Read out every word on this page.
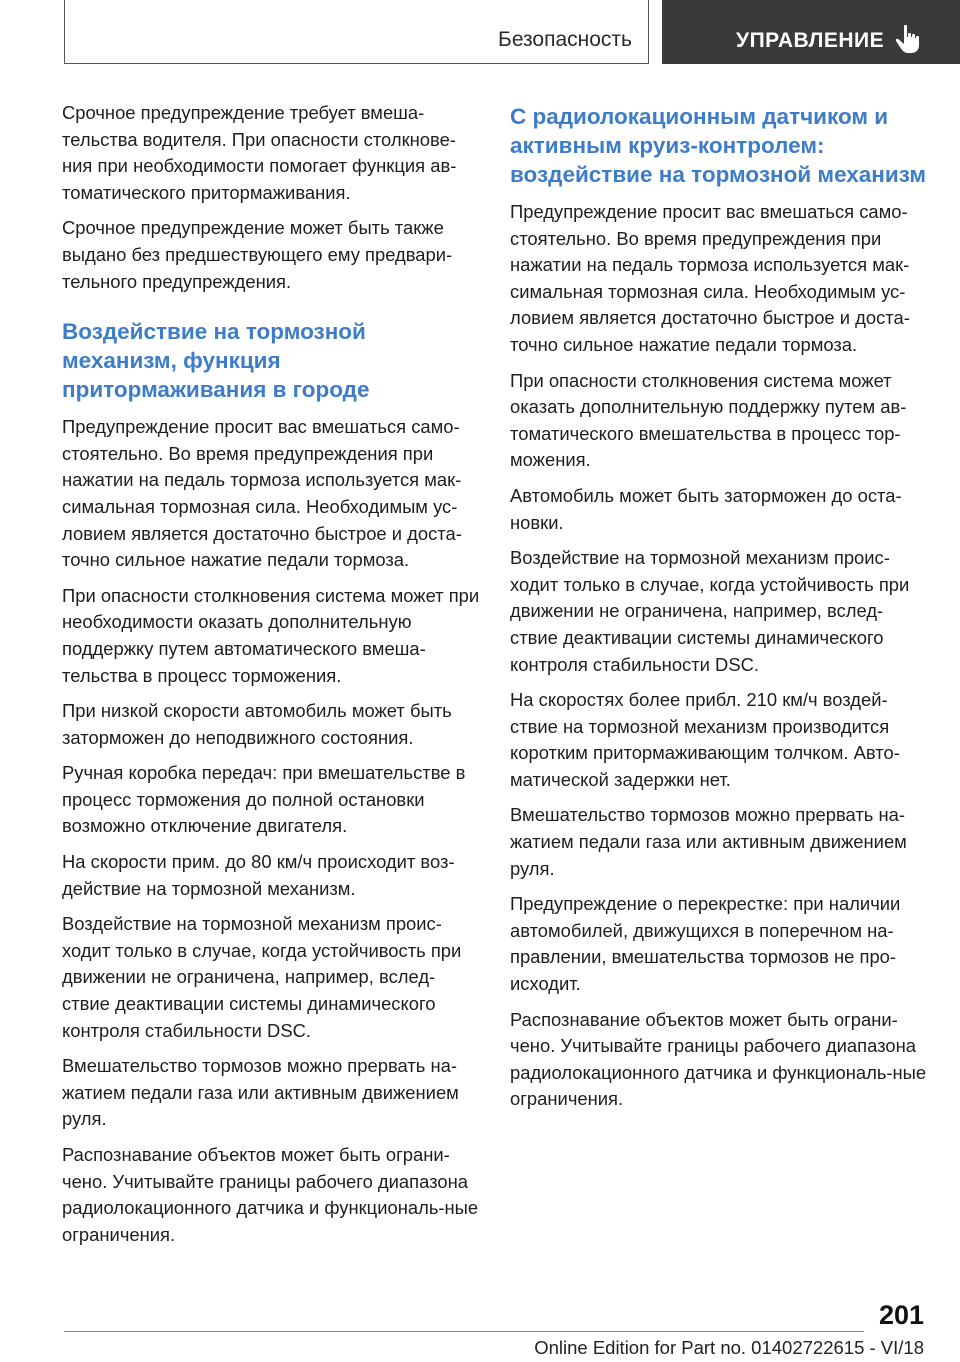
Безопасность	УПРАВЛЕНИЕ

Срочное предупреждение требует вмеша-тельства водителя. При опасности столкнове-ния при необходимости помогает функция ав-томатического притормаживания.

Срочное предупреждение может быть также выдано без предшествующего ему предвари-тельного предупреждения.

Воздействие на тормозной механизм, функция притормаживания в городе

Предупреждение просит вас вмешаться само-стоятельно. Во время предупреждения при нажатии на педаль тормоза используется мак-симальная тормозная сила. Необходимым ус-ловием является достаточно быстрое и доста-точно сильное нажатие педали тормоза.

При опасности столкновения система может при необходимости оказать дополнительную поддержку путем автоматического вмеша-тельства в процесс торможения.

При низкой скорости автомобиль может быть заторможен до неподвижного состояния.

Ручная коробка передач: при вмешательстве в процесс торможения до полной остановки возможно отключение двигателя.

На скорости прим. до 80 км/ч происходит воз-действие на тормозной механизм.

Воздействие на тормозной механизм проис-ходит только в случае, когда устойчивость при движении не ограничена, например, вслед-ствие деактивации системы динамического контроля стабильности DSC.

Вмешательство тормозов можно прервать на-жатием педали газа или активным движением руля.

Распознавание объектов может быть ограни-чено. Учитывайте границы рабочего диапазона радиолокационного датчика и функциональ-ные ограничения.

С радиолокационным датчиком и активным круиз-контролем: воздействие на тормозной механизм

Предупреждение просит вас вмешаться само-стоятельно. Во время предупреждения при нажатии на педаль тормоза используется мак-симальная тормозная сила. Необходимым ус-ловием является достаточно быстрое и доста-точно сильное нажатие педали тормоза.

При опасности столкновения система может оказать дополнительную поддержку путем ав-томатического вмешательства в процесс тор-можения.

Автомобиль может быть заторможен до оста-новки.

Воздействие на тормозной механизм проис-ходит только в случае, когда устойчивость при движении не ограничена, например, вслед-ствие деактивации системы динамического контроля стабильности DSC.

На скоростях более прибл. 210 км/ч воздей-ствие на тормозной механизм производится коротким притормаживающим толчком. Авто-матической задержки нет.

Вмешательство тормозов можно прервать на-жатием педали газа или активным движением руля.

Предупреждение о перекрестке: при наличии автомобилей, движущихся в поперечном на-правлении, вмешательства тормозов не про-исходит.

Распознавание объектов может быть ограни-чено. Учитывайте границы рабочего диапазона радиолокационного датчика и функциональ-ные ограничения.

201
Online Edition for Part no. 01402722615 - VI/18
